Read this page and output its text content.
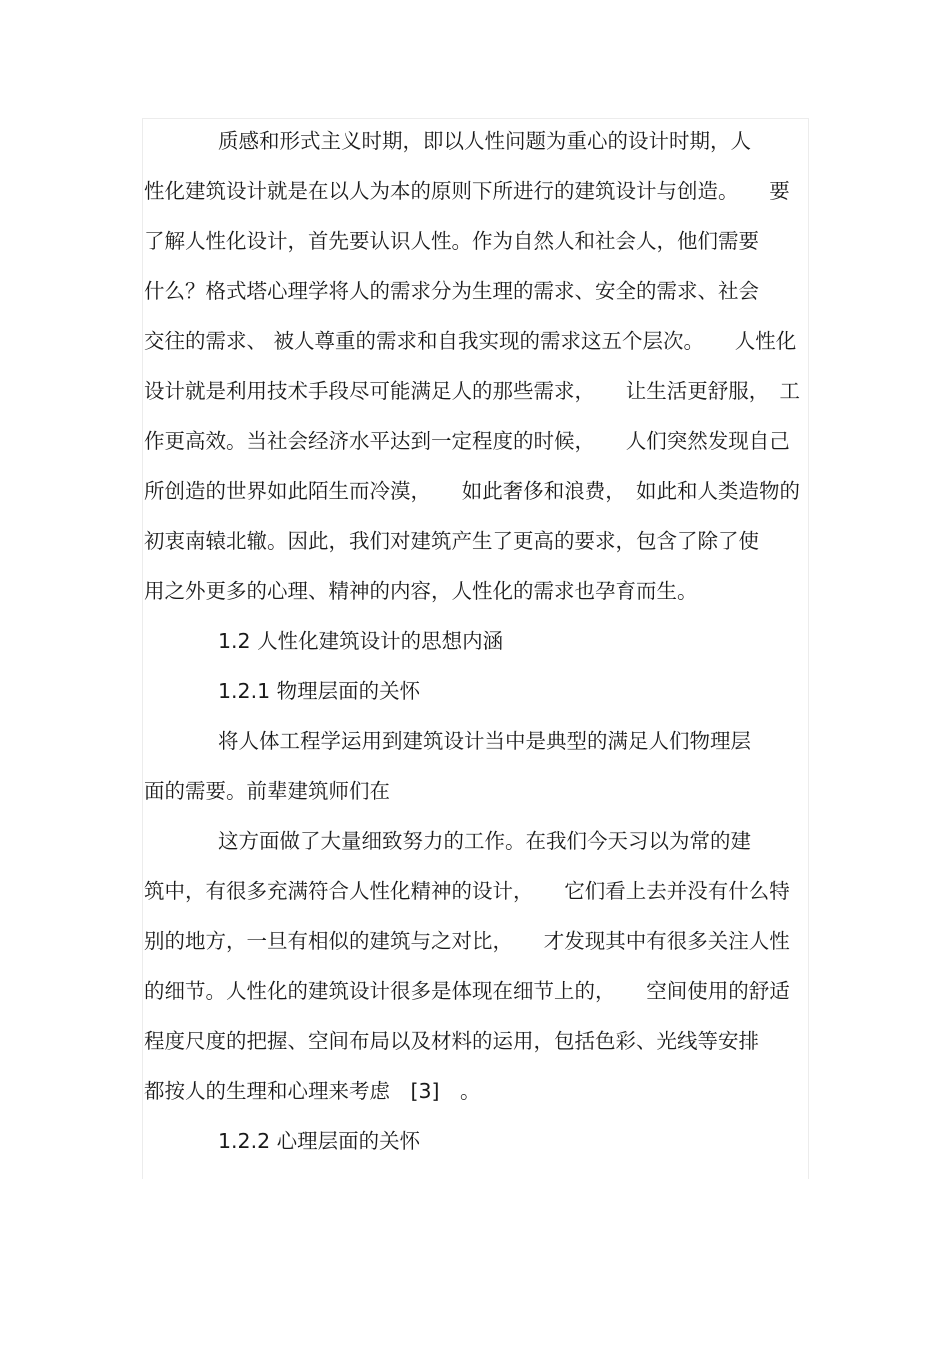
质感和形式主义时期，即以人性问题为重心的设计时期，人
性化建筑设计就是在以人为本的原则下所进行的建筑设计与创造。　　要
了解人性化设计，首先要认识人性。作为自然人和社会人，他们需要
什么？格式塔心理学将人的需求分为生理的需求、安全的需求、社会
交往的需求、 被人尊重的需求和自我实现的需求这五个层次。　　人性化
设计就是利用技术手段尽可能满足人的那些需求，　　让生活更舒服，　工
作更高效。当社会经济水平达到一定程度的时候，　　人们突然发现自己
所创造的世界如此陌生而冷漠，　　如此奢侈和浪费，　如此和人类造物的
初衷南辕北辙。因此，我们对建筑产生了更高的要求，包含了除了使
用之外更多的心理、精神的内容，人性化的需求也孕育而生。
1.2 人性化建筑设计的思想内涵
1.2.1 物理层面的关怀
将人体工程学运用到建筑设计当中是典型的满足人们物理层
面的需要。前辈建筑师们在
这方面做了大量细致努力的工作。在我们今天习以为常的建
筑中，有很多充满符合人性化精神的设计，　　它们看上去并没有什么特
别的地方，一旦有相似的建筑与之对比，　　才发现其中有很多关注人性
的细节。人性化的建筑设计很多是体现在细节上的，　　空间使用的舒适
程度尺度的把握、空间布局以及材料的运用，包括色彩、光线等安排
都按人的生理和心理来考虑　[3]　。
1.2.2 心理层面的关怀
